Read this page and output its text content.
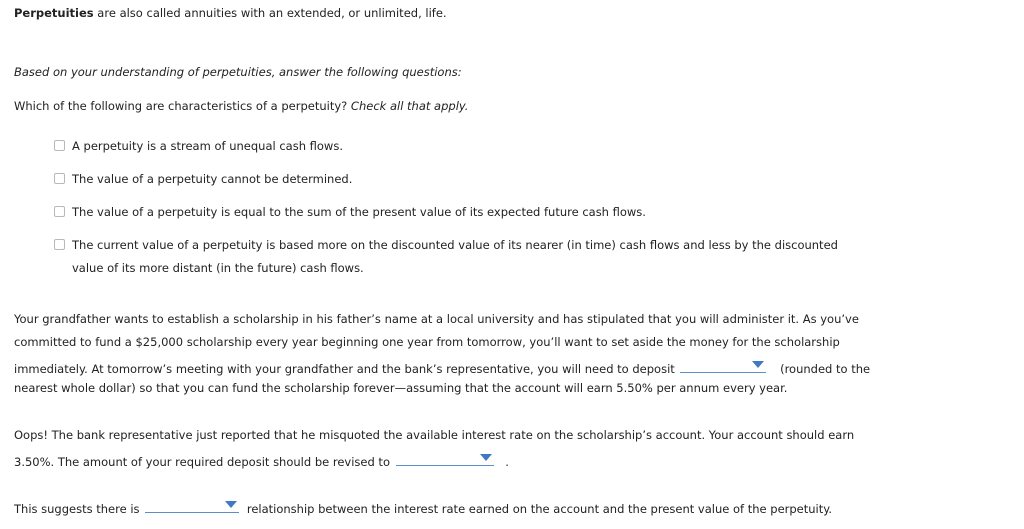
Perpetuities are also called annuities with an extended, or unlimited, life.
Based on your understanding of perpetuities, answer the following questions:
Which of the following are characteristics of a perpetuity? Check all that apply.
A perpetuity is a stream of unequal cash flows.
The value of a perpetuity cannot be determined.
The value of a perpetuity is equal to the sum of the present value of its expected future cash flows.
The current value of a perpetuity is based more on the discounted value of its nearer (in time) cash flows and less by the discounted
value of its more distant (in the future) cash flows.
Your grandfather wants to establish a scholarship in his father’s name at a local university and has stipulated that you will administer it. As you’ve
committed to fund a $25,000 scholarship every year beginning one year from tomorrow, you’ll want to set aside the money for the scholarship
immediately. At tomorrow’s meeting with your grandfather and the bank’s representative, you will need to deposit	(rounded to the
nearest whole dollar) so that you can fund the scholarship forever—assuming that the account will earn 5.50% per annum every year.
Oops! The bank representative just reported that he misquoted the available interest rate on the scholarship’s account. Your account should earn
3.50%. The amount of your required deposit should be revised to	.
This suggests there is	relationship between the interest rate earned on the account and the present value of the perpetuity.
